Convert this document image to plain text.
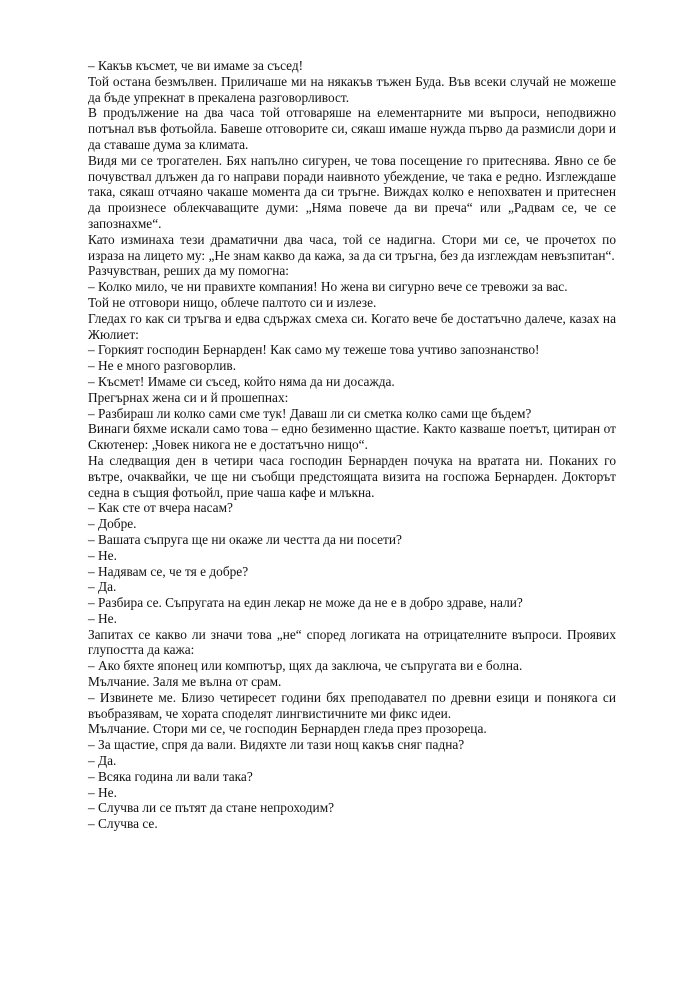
– Какъв късмет, че ви имаме за съсед!

Той остана безмълвен. Приличаше ми на някакъв тъжен Буда. Във всеки случай не можеше да бъде упрекнат в прекалена разговорливост.

В продължение на два часа той отговаряше на елементарните ми въпроси, неподвижно потънал във фотьойла. Бавеше отговорите си, сякаш имаше нужда първо да размисли дори и да ставаше дума за климата.

Видя ми се трогателен. Бях напълно сигурен, че това посещение го притеснява. Явно се бе почувствал длъжен да го направи поради наивното убеждение, че така е редно. Изглеждаше така, сякаш отчаяно чакаше момента да си тръгне. Виждах колко е непохватен и притеснен да произнесе облекчаващите думи: „Няма повече да ви преча“ или „Радвам се, че се запознахме“.

Като изминаха тези драматични два часа, той се надигна. Стори ми се, че прочетох по израза на лицето му: „Не знам какво да кажа, за да си тръгна, без да изглеждам невъзпитан“.

Разчувстван, реших да му помогна:

– Колко мило, че ни правихте компания! Но жена ви сигурно вече се тревожи за вас.

Той не отговори нищо, облече палтото си и излезе.

Гледах го как си тръгва и едва сдържах смеха си. Когато вече бе достатъчно далече, казах на Жюлиет:

– Горкият господин Бернарден! Как само му тежеше това учтиво запознанство!

– Не е много разговорлив.

– Късмет! Имаме си съсед, който няма да ни досажда.

Прегърнах жена си и й прошепнах:

– Разбираш ли колко сами сме тук! Даваш ли си сметка колко сами ще бъдем?

Винаги бяхме искали само това – едно безименно щастие. Както казваше поетът, цитиран от Скютенер: „Човек никога не е достатъчно нищо“.

На следващия ден в четири часа господин Бернарден почука на вратата ни. Поканих го вътре, очаквайки, че ще ни съобщи предстоящата визита на госпожа Бернарден. Докторът седна в същия фотьойл, прие чаша кафе и млъкна.

– Как сте от вчера насам?

– Добре.

– Вашата съпруга ще ни окаже ли честта да ни посети?

– Не.

– Надявам се, че тя е добре?

– Да.

– Разбира се. Съпругата на един лекар не може да не е в добро здраве, нали?

– Не.

Запитах се какво ли значи това „не“ според логиката на отрицателните въпроси. Проявих глупостта да кажа:

– Ако бяхте японец или компютър, щях да заключа, че съпругата ви е болна.

Мълчание. Заля ме вълна от срам.

– Извинете ме. Близо четиресет години бях преподавател по древни езици и понякога си въобразявам, че хората споделят лингвистичните ми фикс идеи.

Мълчание. Стори ми се, че господин Бернарден гледа през прозореца.

– За щастие, спря да вали. Видяхте ли тази нощ какъв сняг падна?

– Да.

– Всяка година ли вали така?

– Не.

– Случва ли се пътят да стане непроходим?

– Случва се.
